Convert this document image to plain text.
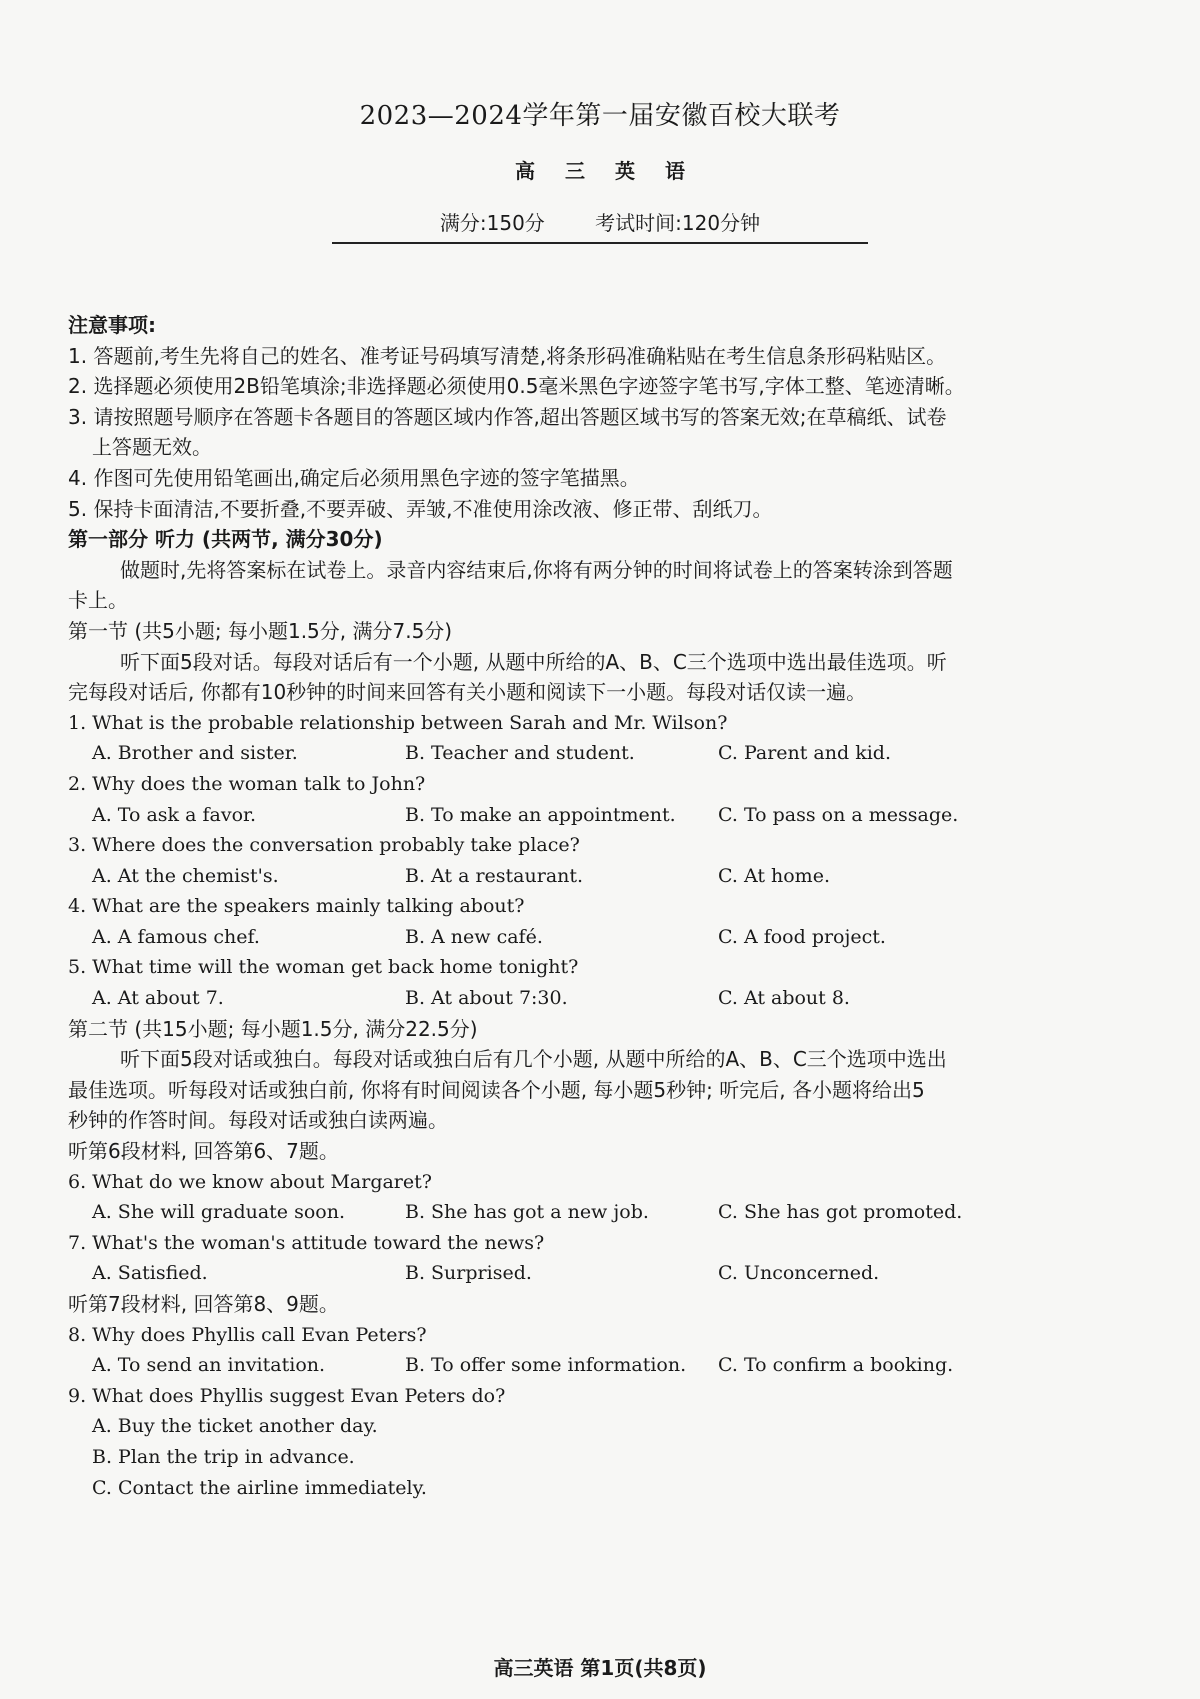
2023—2024学年第一届安徽百校大联考
高三英语
满分:150分	考试时间:120分钟
注意事项:
1. 答题前,考生先将自己的姓名、准考证号码填写清楚,将条形码准确粘贴在考生信息条形码粘贴区。
2. 选择题必须使用2B铅笔填涂;非选择题必须使用0.5毫米黑色字迹签字笔书写,字体工整、笔迹清晰。
3. 请按照题号顺序在答题卡各题目的答题区域内作答,超出答题区域书写的答案无效;在草稿纸、试卷
上答题无效。
4. 作图可先使用铅笔画出,确定后必须用黑色字迹的签字笔描黑。
5. 保持卡面清洁,不要折叠,不要弄破、弄皱,不准使用涂改液、修正带、刮纸刀。
第一部分 听力 (共两节, 满分30分)
做题时,先将答案标在试卷上。录音内容结束后,你将有两分钟的时间将试卷上的答案转涂到答题
卡上。
第一节 (共5小题; 每小题1.5分, 满分7.5分)
听下面5段对话。每段对话后有一个小题, 从题中所给的A、B、C三个选项中选出最佳选项。听
完每段对话后, 你都有10秒钟的时间来回答有关小题和阅读下一小题。每段对话仅读一遍。
1. What is the probable relationship between Sarah and Mr. Wilson?
A. Brother and sister.	B. Teacher and student.	C. Parent and kid.
2. Why does the woman talk to John?
A. To ask a favor.	B. To make an appointment. C. To pass on a message.
3. Where does the conversation probably take place?
A. At the chemist's.	B. At a restaurant.	C. At home.
4. What are the speakers mainly talking about?
A. A famous chef.	B. A new café.	C. A food project.
5. What time will the woman get back home tonight?
A. At about 7.	B. At about 7:30.	C. At about 8.
第二节 (共15小题; 每小题1.5分, 满分22.5分)
听下面5段对话或独白。每段对话或独白后有几个小题, 从题中所给的A、B、C三个选项中选出
最佳选项。听每段对话或独白前, 你将有时间阅读各个小题, 每小题5秒钟; 听完后, 各小题将给出5
秒钟的作答时间。每段对话或独白读两遍。
听第6段材料, 回答第6、7题。
6. What do we know about Margaret?
A. She will graduate soon.	B. She has got a new job.	C. She has got promoted.
7. What's the woman's attitude toward the news?
A. Satisfied.	B. Surprised.	C. Unconcerned.
听第7段材料, 回答第8、9题。
8. Why does Phyllis call Evan Peters?
A. To send an invitation.	B. To offer some information. C. To confirm a booking.
9. What does Phyllis suggest Evan Peters do?
A. Buy the ticket another day.
B. Plan the trip in advance.
C. Contact the airline immediately.
高三英语 第1页(共8页)
